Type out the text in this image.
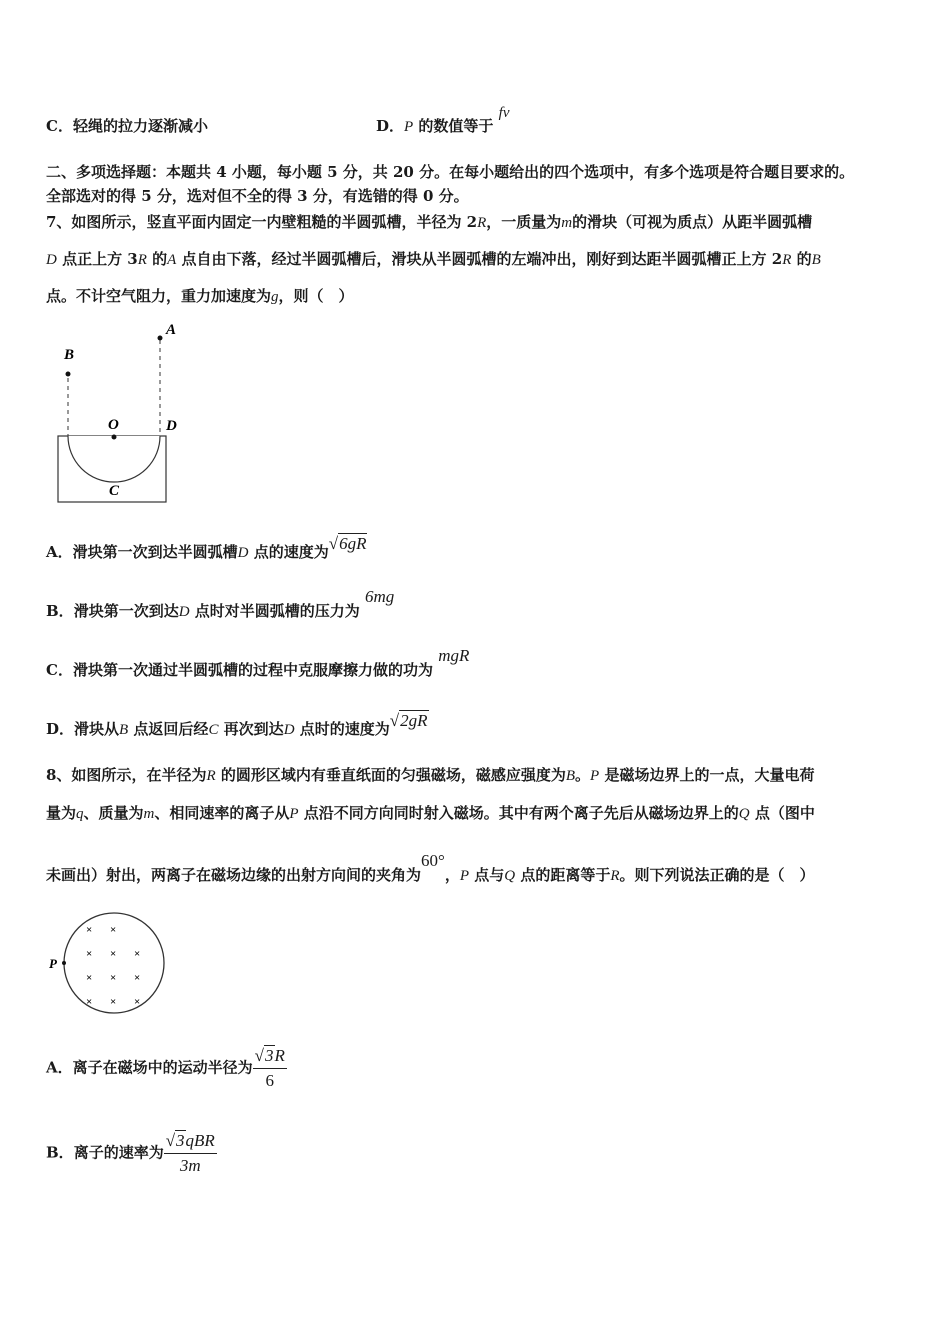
C．轻绳的拉力逐渐减小	D．P 的数值等于 fv
二、多项选择题：本题共 4 小题，每小题 5 分，共 20 分。在每小题给出的四个选项中，有多个选项是符合题目要求的。
全部选对的得 5 分，选对但不全的得 3 分，有选错的得 0 分。
7、如图所示，竖直平面内固定一内壁粗糙的半圆弧槽，半径为 2R，一质量为m的滑块（可视为质点）从距半圆弧槽
D 点正上方 3R 的A 点自由下落，经过半圆弧槽后，滑块从半圆弧槽的左端冲出，刚好到达距半圆弧槽正上方 2R 的B
点。不计空气阻力，重力加速度为g，则（　）
B
A
O	D
C
A．滑块第一次到达半圆弧槽D 点的速度为√6gR
B．滑块第一次到达D 点时对半圆弧槽的压力为 6mg
C．滑块第一次通过半圆弧槽的过程中克服摩擦力做的功为 mgR
D．滑块从B 点返回后经C 再次到达D 点时的速度为√2gR
8、如图所示，在半径为R 的圆形区域内有垂直纸面的匀强磁场，磁感应强度为B。P 是磁场边界上的一点，大量电荷
量为q、质量为m、相同速率的离子从P 点沿不同方向同时射入磁场。其中有两个离子先后从磁场边界上的Q 点（图中
未画出）射出，两离子在磁场边缘的出射方向间的夹角为60°，P 点与Q 点的距离等于R。则下列说法正确的是（　）
P
× ×
× × ×
× × ×
× × ×
A．离子在磁场中的运动半径为 $\frac{√3R}{6}$
B．离子的速率为 $\frac{\text{√3qBR}}{3m}$
